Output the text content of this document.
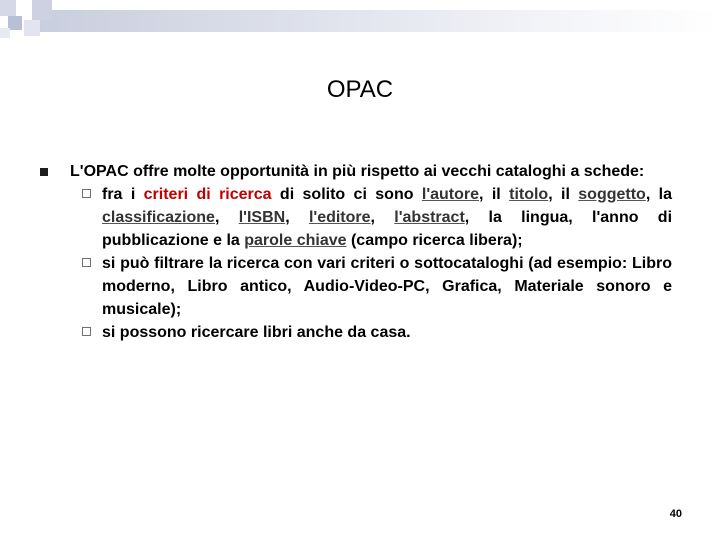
OPAC
L'OPAC offre molte opportunità in più rispetto ai vecchi cataloghi a schede:
fra i criteri di ricerca di solito ci sono l'autore, il titolo, il soggetto, la classificazione, l'ISBN, l'editore, l'abstract, la lingua, l'anno di pubblicazione e la parole chiave (campo ricerca libera);
si può filtrare la ricerca con vari criteri o sottocataloghi (ad esempio: Libro moderno, Libro antico, Audio-Video-PC, Grafica, Materiale sonoro e musicale);
si possono ricercare libri anche da casa.
40
